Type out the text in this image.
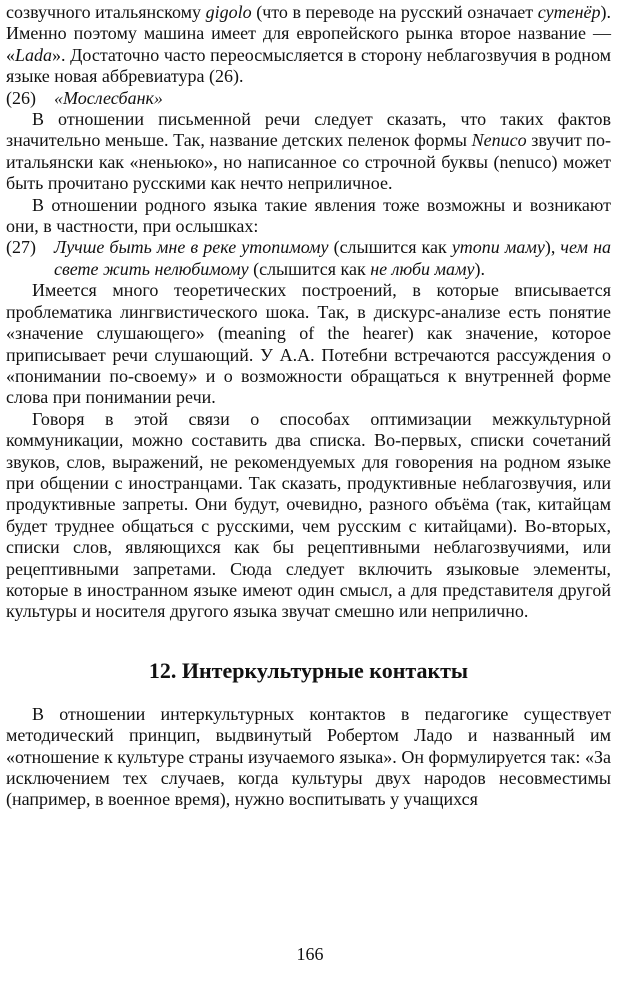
созвучного итальянскому gigolo (что в переводе на русский означает сутенёр). Именно поэтому машина имеет для европейского рынка второе название — «Lada». Достаточно часто переосмысляется в сторону неблагозвучия в родном языке новая аббревиатура (26).

(26)	«Мослесбанк»

В отношении письменной речи следует сказать, что таких фактов значительно меньше. Так, название детских пеленок формы Nenuco звучит по-итальянски как «неньюко», но написанное со строчной буквы (nenuco) может быть прочитано русскими как нечто неприличное.

В отношении родного языка такие явления тоже возможны и возникают они, в частности, при ослышках:

(27)	Лучше быть мне в реке утопимому (слышится как утопи маму), чем на свете жить нелюбимому (слышится как не люби маму).

Имеется много теоретических построений, в которые вписывается проблематика лингвистического шока. Так, в дискурс-анализе есть понятие «значение слушающего» (meaning of the hearer) как значение, которое приписывает речи слушающий. У А.А. Потебни встречаются рассуждения о «понимании по-своему» и о возможности обращаться к внутренней форме слова при понимании речи.

Говоря в этой связи о способах оптимизации межкультурной коммуникации, можно составить два списка. Во-первых, списки сочетаний звуков, слов, выражений, не рекомендуемых для говорения на родном языке при общении с иностранцами. Так сказать, продуктивные неблагозвучия, или продуктивные запреты. Они будут, очевидно, разного объёма (так, китайцам будет труднее общаться с русскими, чем русским с китайцами). Во-вторых, списки слов, являющихся как бы рецептивными неблагозвучиями, или рецептивными запретами. Сюда следует включить языковые элементы, которые в иностранном языке имеют один смысл, а для представителя другой культуры и носителя другого языка звучат смешно или неприлично.

12. Интеркультурные контакты

В отношении интеркультурных контактов в педагогике существует методический принцип, выдвинутый Робертом Ладо и названный им «отношение к культуре страны изучаемого языка». Он формулируется так: «За исключением тех случаев, когда культуры двух народов несовместимы (например, в военное время), нужно воспитывать у учащихся

166
